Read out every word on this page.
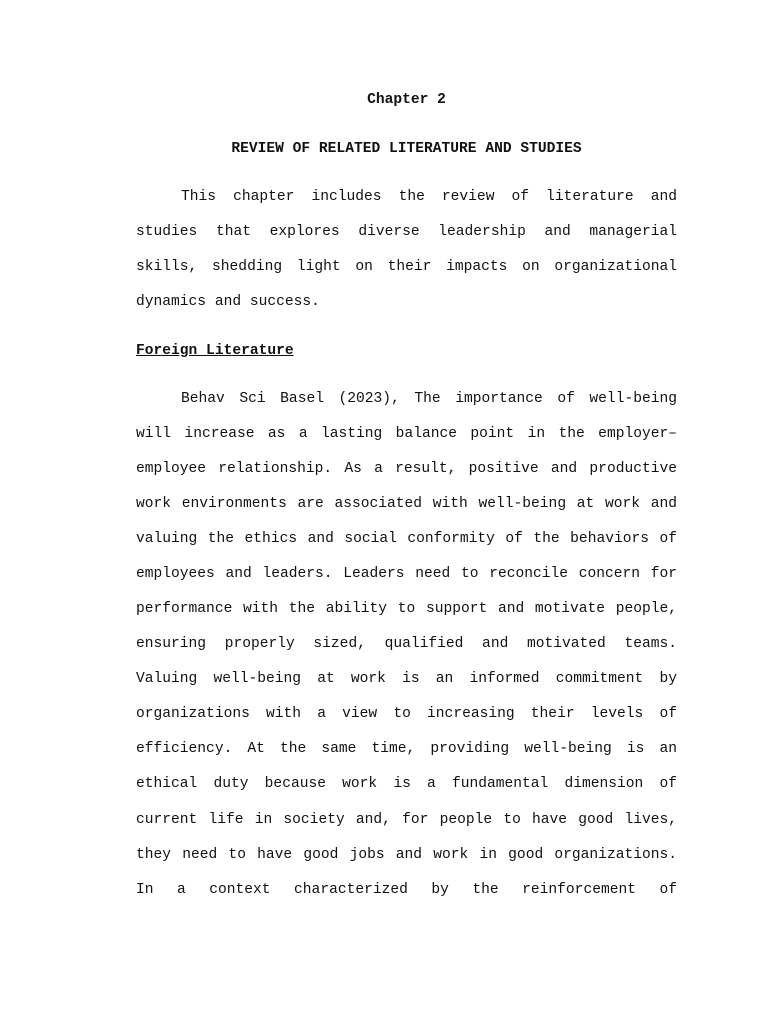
Chapter 2
REVIEW OF RELATED LITERATURE AND STUDIES
This chapter includes the review of literature and
studies that explores diverse leadership and managerial
skills, shedding light on their impacts on organizational
dynamics and success.
Foreign Literature
Behav Sci Basel (2023), The importance of well-being
will increase as a lasting balance point in the employer–
employee relationship. As a result, positive and productive
work environments are associated with well-being at work and
valuing the ethics and social conformity of the behaviors of
employees and leaders. Leaders need to reconcile concern for
performance with the ability to support and motivate people,
ensuring properly sized, qualified and motivated teams.
Valuing well-being at work is an informed commitment by
organizations with a view to increasing their levels of
efficiency. At the same time, providing well-being is an
ethical duty because work is a fundamental dimension of
current life in society and, for people to have good lives,
they need to have good jobs and work in good organizations.
In a context characterized by the reinforcement of
